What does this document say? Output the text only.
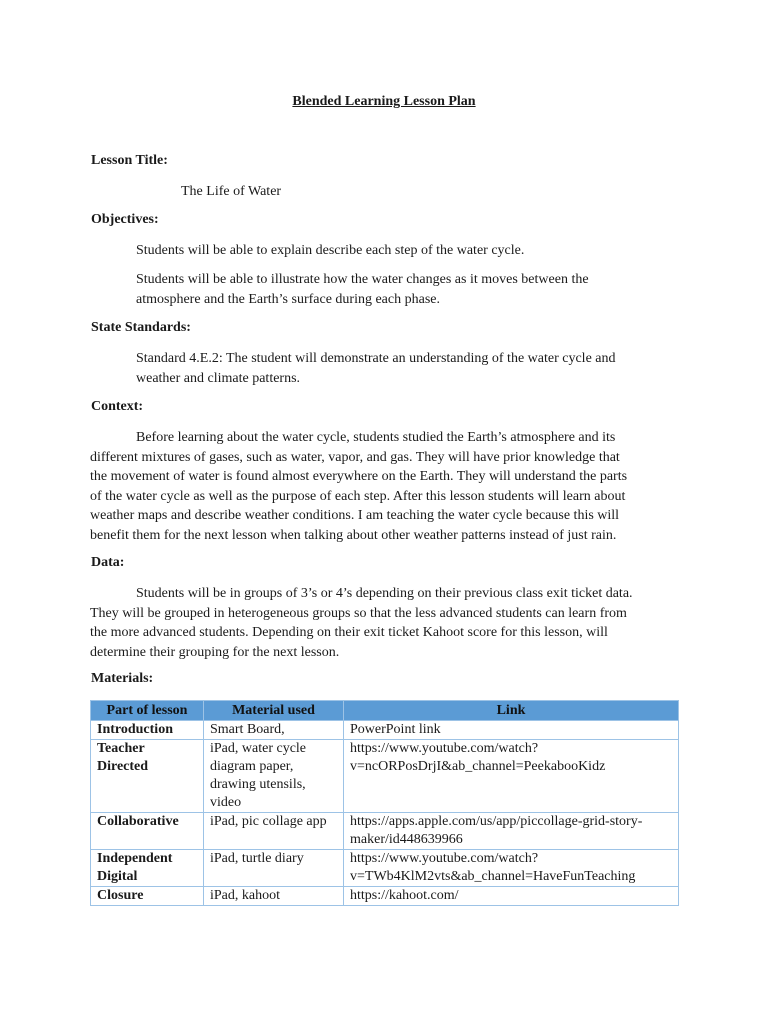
Blended Learning Lesson Plan
Lesson Title:
The Life of Water
Objectives:
Students will be able to explain describe each step of the water cycle.
Students will be able to illustrate how the water changes as it moves between the
atmosphere and the Earth’s surface during each phase.
State Standards:
Standard 4.E.2: The student will demonstrate an understanding of the water cycle and
weather and climate patterns.
Context:
Before learning about the water cycle, students studied the Earth’s atmosphere and its
different mixtures of gases, such as water, vapor, and gas. They will have prior knowledge that
the movement of water is found almost everywhere on the Earth. They will understand the parts
of the water cycle as well as the purpose of each step. After this lesson students will learn about
weather maps and describe weather conditions. I am teaching the water cycle because this will
benefit them for the next lesson when talking about other weather patterns instead of just rain.
Data:
Students will be in groups of 3’s or 4’s depending on their previous class exit ticket data.
They will be grouped in heterogeneous groups so that the less advanced students can learn from
the more advanced students. Depending on their exit ticket Kahoot score for this lesson, will
determine their grouping for the next lesson.
Materials:
Part of lesson	Material used	Link
Introduction	Smart Board,	PowerPoint link
Teacher Directed	iPad, water cycle diagram paper, drawing utensils, video	https://www.youtube.com/watch?
v=ncORPosDrjI&ab_channel=PeekabooKidz
Collaborative	iPad, pic collage app	https://apps.apple.com/us/app/piccollage-grid-story-
maker/id448639966
Independent Digital	iPad, turtle diary	https://www.youtube.com/watch?
v=TWb4KlM2vts&ab_channel=HaveFunTeaching
Closure	iPad, kahoot	https://kahoot.com/
